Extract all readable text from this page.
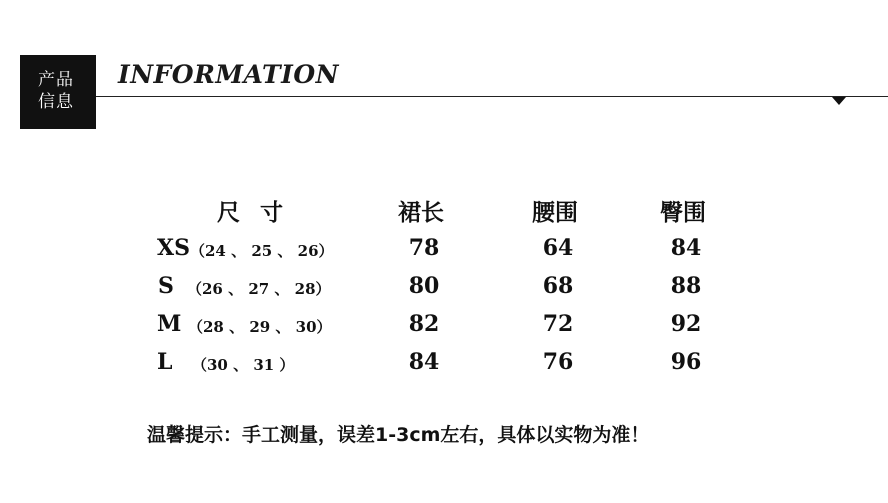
产品
信息
INFORMATION
尺 寸	裙长	腰围	臀围
XS （24 、 25 、 26）	78	64	84
S （26 、 27 、 28）	80	68	88
M （28 、 29 、 30）	82	72	92
L （30 、 31 ）	84	76	96
温馨提示：手工测量，误差1-3cm左右，具体以实物为准！
